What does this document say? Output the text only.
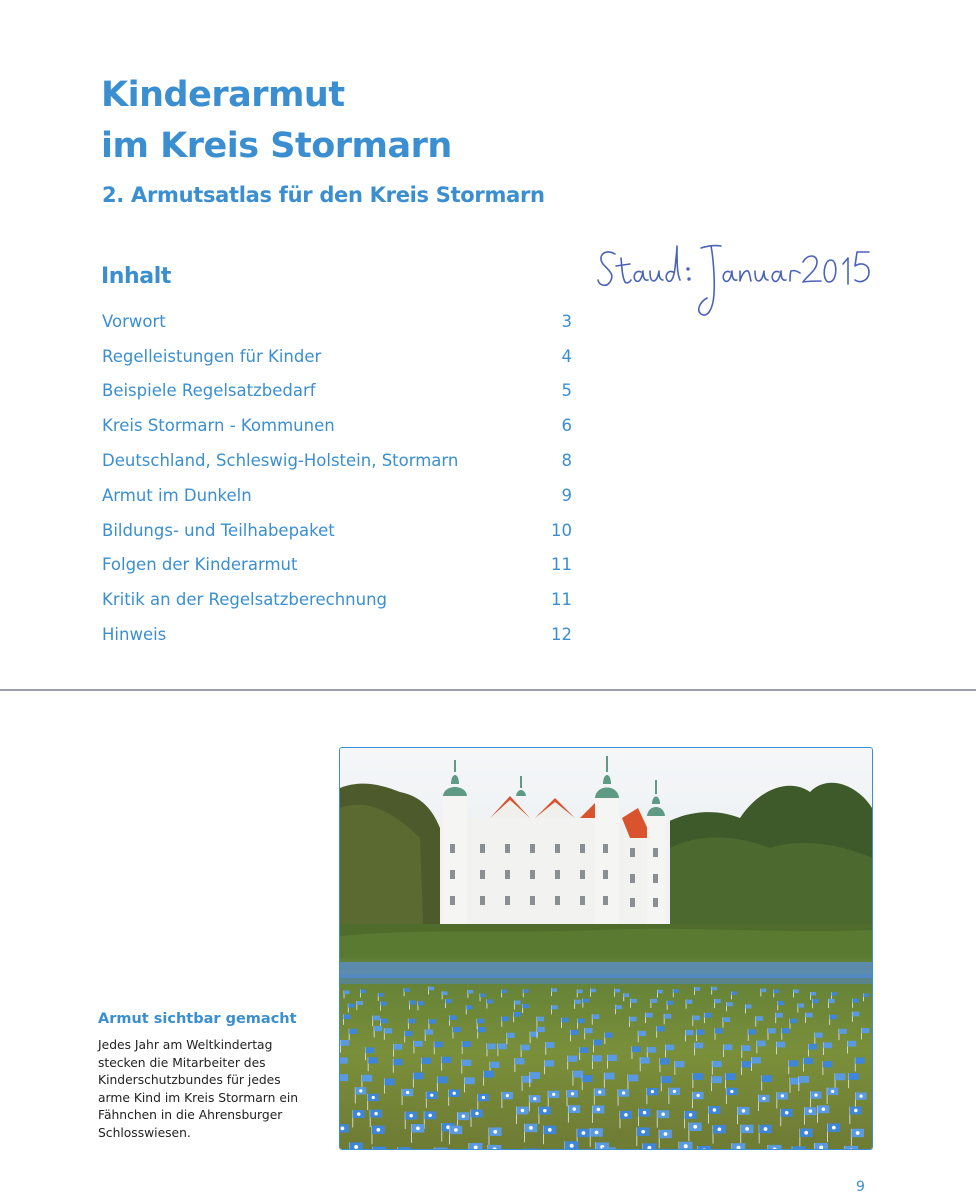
Kinderarmut
im Kreis Stormarn
2. Armutsatlas für den Kreis Stormarn
Inhalt
Vorwort	3
Regelleistungen für Kinder	4
Beispiele Regelsatzbedarf	5
Kreis Stormarn - Kommunen	6
Deutschland, Schleswig-Holstein, Stormarn	8
Armut im Dunkeln	9
Bildungs- und Teilhabepaket	10
Folgen der Kinderarmut	11
Kritik an der Regelsatzberechnung	11
Hinweis	12
Armut sichtbar gemacht

Jedes Jahr am Weltkindertag
stecken die Mitarbeiter des
Kinderschutzbundes für jedes
arme Kind im Kreis Stormarn ein
Fähnchen in die Ahrensburger
Schlosswiesen.

9
